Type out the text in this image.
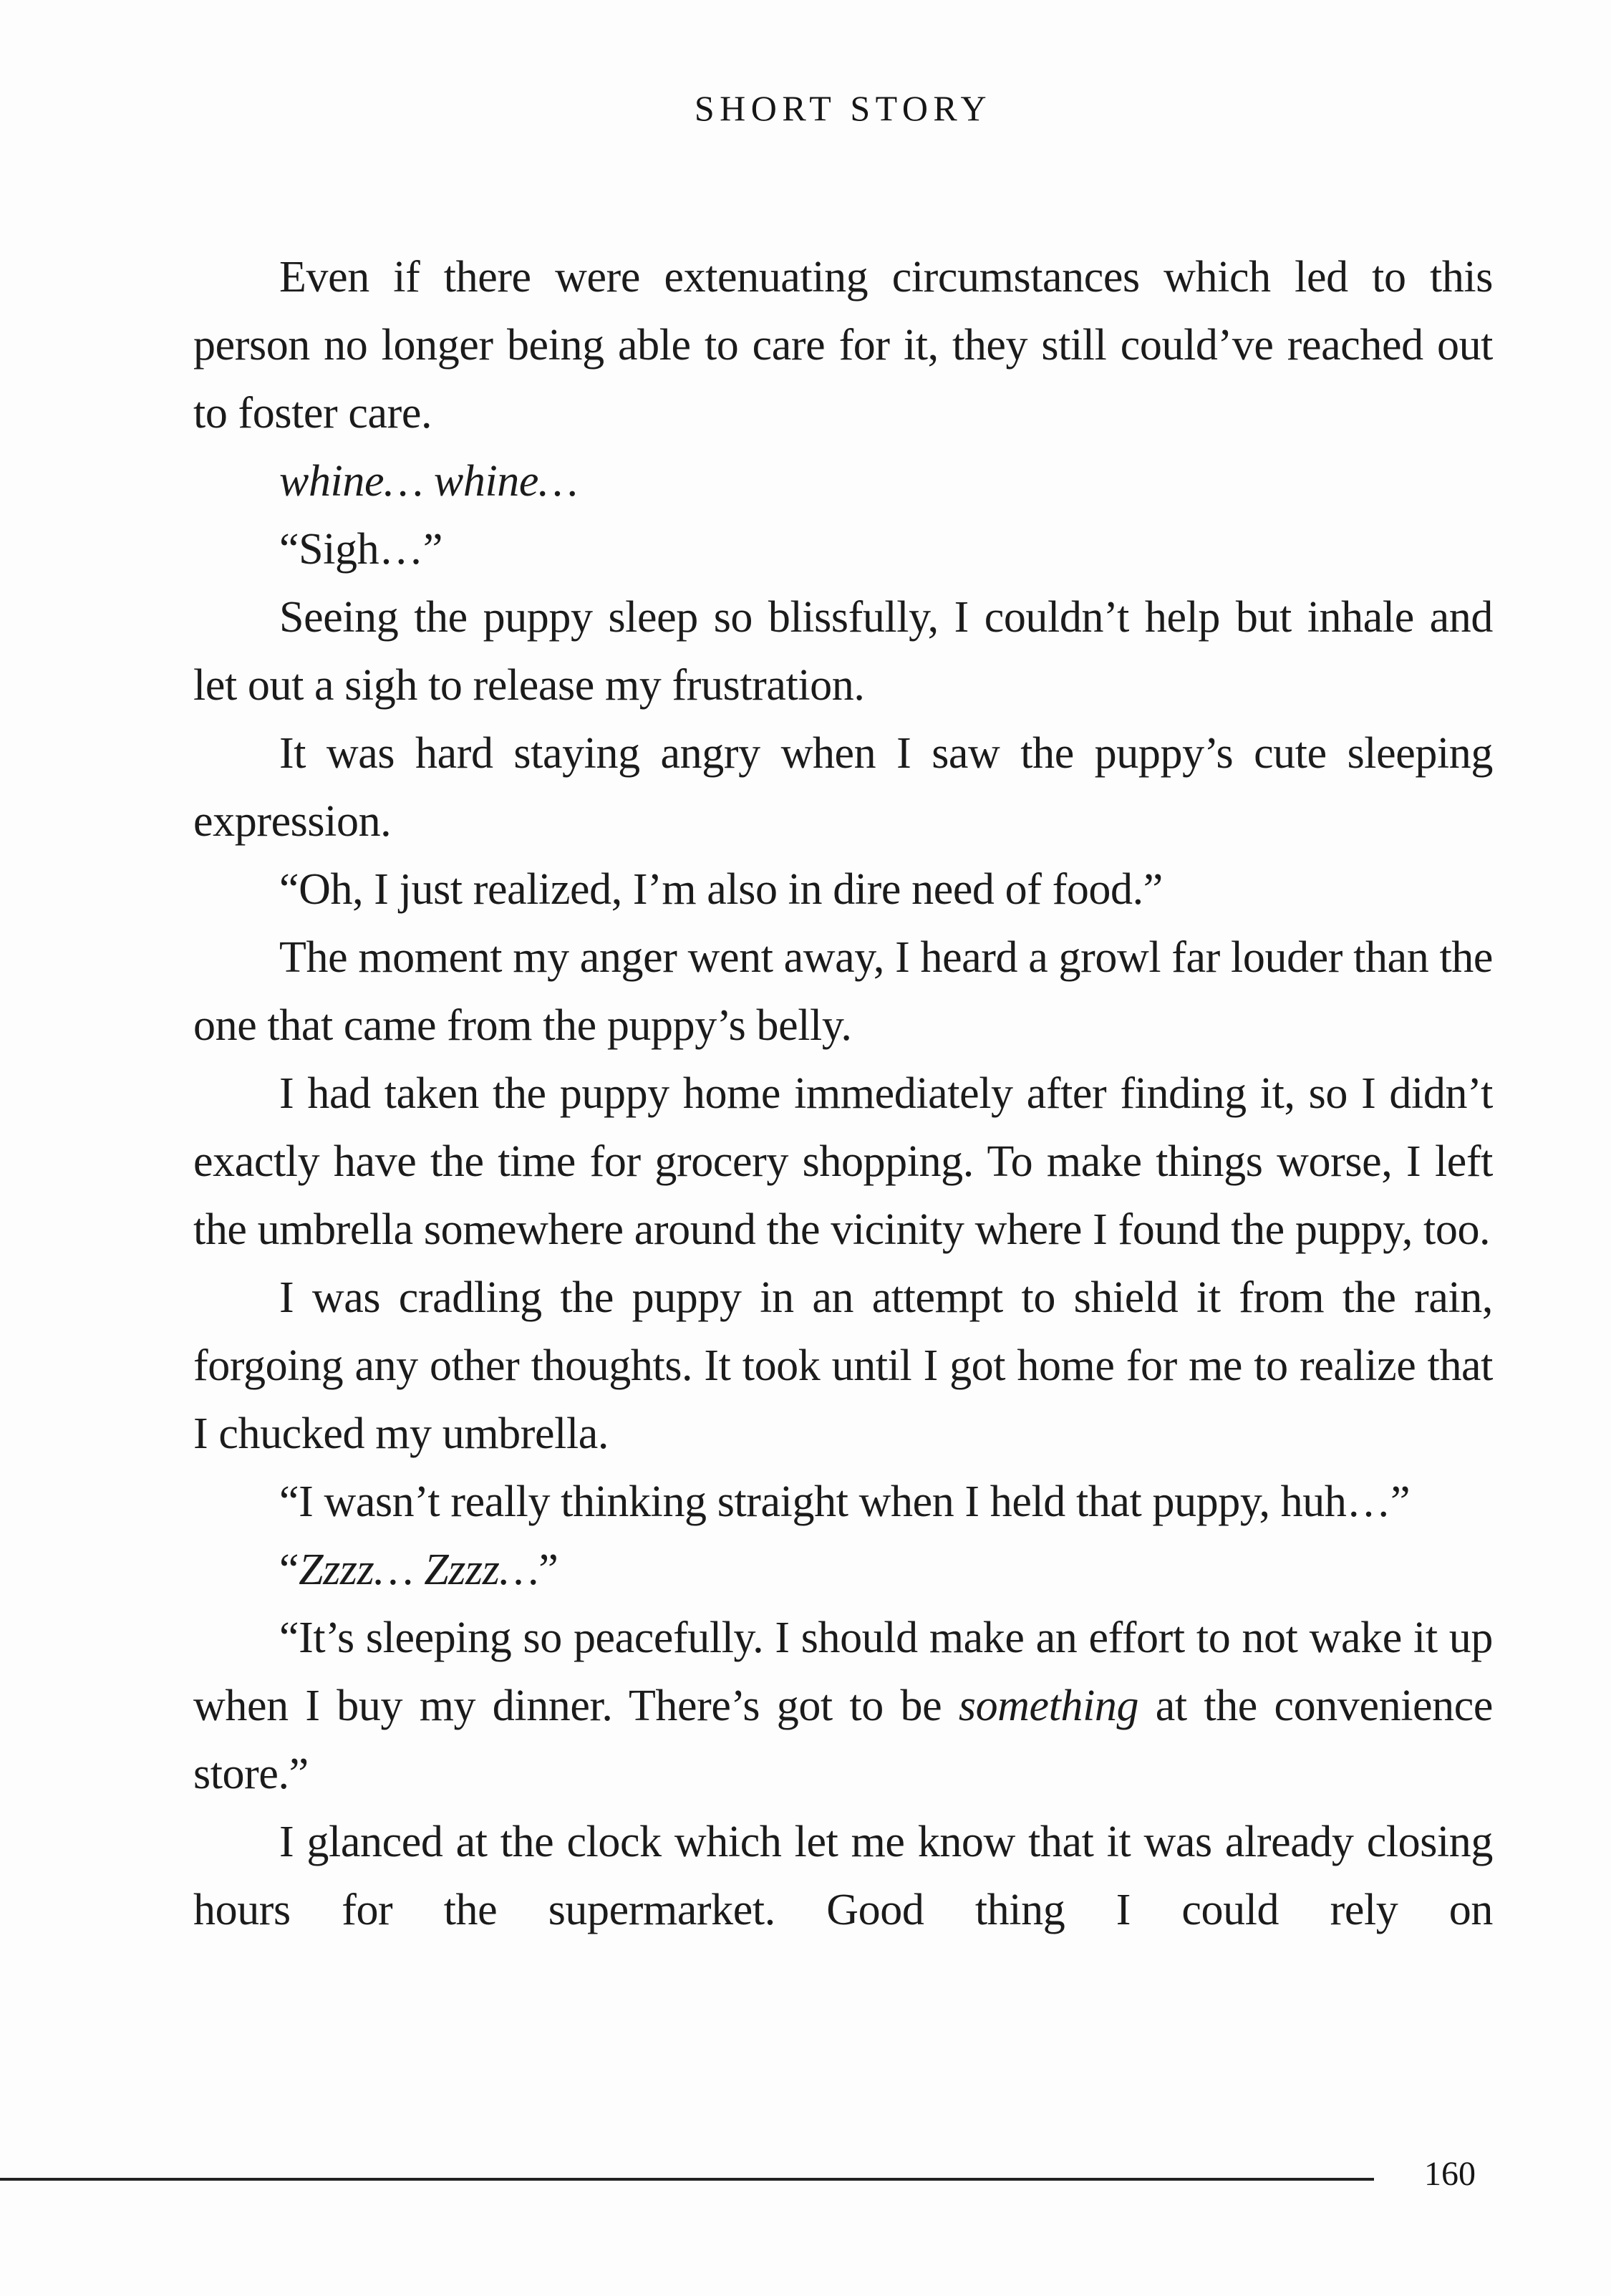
SHORT STORY

Even if there were extenuating circumstances which led to this person no longer being able to care for it, they still could’ve reached out to foster care.

whine… whine…

“Sigh…”

Seeing the puppy sleep so blissfully, I couldn’t help but inhale and let out a sigh to release my frustration.

It was hard staying angry when I saw the puppy’s cute sleeping expression.

“Oh, I just realized, I’m also in dire need of food.”

The moment my anger went away, I heard a growl far louder than the one that came from the puppy’s belly.

I had taken the puppy home immediately after finding it, so I didn’t exactly have the time for grocery shopping. To make things worse, I left the umbrella somewhere around the vicinity where I found the puppy, too.

I was cradling the puppy in an attempt to shield it from the rain, forgoing any other thoughts. It took until I got home for me to realize that I chucked my umbrella.

“I wasn’t really thinking straight when I held that puppy, huh…”

“Zzzz… Zzzz…”

“It’s sleeping so peacefully. I should make an effort to not wake it up when I buy my dinner. There’s got to be something at the convenience store.”

I glanced at the clock which let me know that it was already closing hours for the supermarket. Good thing I could rely on

160
